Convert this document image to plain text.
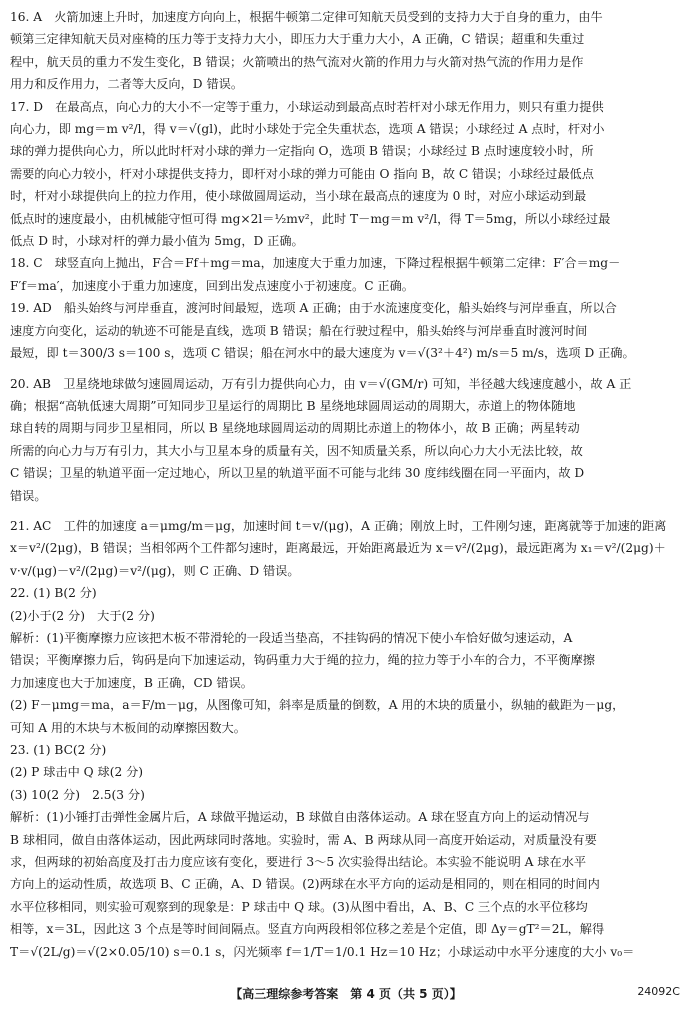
16. A　火箭加速上升时，加速度方向向上，根据牛顿第二定律可知航天员受到的支持力大于自身的重力，由牛

顿第三定律知航天员对座椅的压力等于支持力大小，即压力大于重力大小，A 正确，C 错误；超重和失重过

程中，航天员的重力不发生变化，B 错误；火箭喷出的热气流对火箭的作用力与火箭对热气流的作用力是作

用力和反作用力，二者等大反向，D 错误。

17. D　在最高点，向心力的大小不一定等于重力，小球运动到最高点时若杆对小球无作用力，则只有重力提供

向心力，即 mg＝m v²/l，得 v＝√(gl)，此时小球处于完全失重状态，选项 A 错误；小球经过 A 点时，杆对小

球的弹力提供向心力，所以此时杆对小球的弹力一定指向 O，选项 B 错误；小球经过 B 点时速度较小时，所

需要的向心力较小，杆对小球提供支持力，即杆对小球的弹力可能由 O 指向 B，故 C 错误；小球经过最低点

时，杆对小球提供向上的拉力作用，使小球做圆周运动，当小球在最高点的速度为 0 时，对应小球运动到最

低点时的速度最小，由机械能守恒可得 mg×2l＝½mv²，此时 T－mg＝m v²/l，得 T＝5mg，所以小球经过最

低点 D 时，小球对杆的弹力最小值为 5mg，D 正确。

18. C　球竖直向上抛出，F合＝Ff＋mg＝ma，加速度大于重力加速，下降过程根据牛顿第二定律：F′合＝mg－

F′f＝ma′，加速度小于重力加速度，回到出发点速度小于初速度。C 正确。

19. AD　船头始终与河岸垂直，渡河时间最短，选项 A 正确；由于水流速度变化，船头始终与河岸垂直，所以合

速度方向变化，运动的轨迹不可能是直线，选项 B 错误；船在行驶过程中，船头始终与河岸垂直时渡河时间

最短，即 t＝300/3 s＝100 s，选项 C 错误；船在河水中的最大速度为 v＝√(3²＋4²) m/s＝5 m/s，选项 D 正确。

20. AB　卫星绕地球做匀速圆周运动，万有引力提供向心力，由 v＝√(GM/r) 可知，半径越大线速度越小，故 A 正

确；根据“高轨低速大周期”可知同步卫星运行的周期比 B 星绕地球圆周运动的周期大，赤道上的物体随地

球自转的周期与同步卫星相同，所以 B 星绕地球圆周运动的周期比赤道上的物体小，故 B 正确；两星转动

所需的向心力与万有引力，其大小与卫星本身的质量有关，因不知质量关系，所以向心力大小无法比较，故

C 错误；卫星的轨道平面一定过地心，所以卫星的轨道平面不可能与北纬 30 度纬线圈在同一平面内，故 D

错误。

21. AC　工件的加速度 a＝μmg/m＝μg，加速时间 t＝v/(μg)，A 正确；刚放上时，工件刚匀速，距离就等于加速的距离

x＝v²/(2μg)，B 错误；当相邻两个工件都匀速时，距离最远，开始距离最近为 x＝v²/(2μg)，最远距离为 x₁＝v²/(2μg)＋

v·v/(μg)－v²/(2μg)＝v²/(μg)，则 C 正确、D 错误。

22. (1) B(2 分)

(2)小于(2 分)　大于(2 分)

解析：(1)平衡摩擦力应该把木板不带滑轮的一段适当垫高，不挂钩码的情况下使小车恰好做匀速运动，A

错误；平衡摩擦力后，钩码是向下加速运动，钩码重力大于绳的拉力，绳的拉力等于小车的合力，不平衡摩擦

力加速度也大于加速度，B 正确，CD 错误。

(2) F－μmg＝ma，a＝F/m－μg，从图像可知，斜率是质量的倒数，A 用的木块的质量小，纵轴的截距为－μg，

可知 A 用的木块与木板间的动摩擦因数大。

23. (1) BC(2 分)

(2) P 球击中 Q 球(2 分)

(3) 10(2 分)　2.5(3 分)

解析：(1)小锤打击弹性金属片后，A 球做平抛运动，B 球做自由落体运动。A 球在竖直方向上的运动情况与

B 球相同，做自由落体运动，因此两球同时落地。实验时，需 A、B 两球从同一高度开始运动，对质量没有要

求，但两球的初始高度及打击力度应该有变化，要进行 3～5 次实验得出结论。本实验不能说明 A 球在水平

方向上的运动性质，故选项 B、C 正确，A、D 错误。(2)两球在水平方向的运动是相同的，则在相同的时间内

水平位移相同，则实验可观察到的现象是：P 球击中 Q 球。(3)从图中看出，A、B、C 三个点的水平位移均

相等，x＝3L，因此这 3 个点是等时间间隔点。竖直方向两段相邻位移之差是个定值，即 Δy＝gT²＝2L，解得

T＝√(2L/g)＝√(2×0.05/10) s＝0.1 s，闪光频率 f＝1/T＝1/0.1 Hz＝10 Hz；小球运动中水平分速度的大小 v₀＝

【高三理综参考答案　第 4 页（共 5 页）】	24092C
